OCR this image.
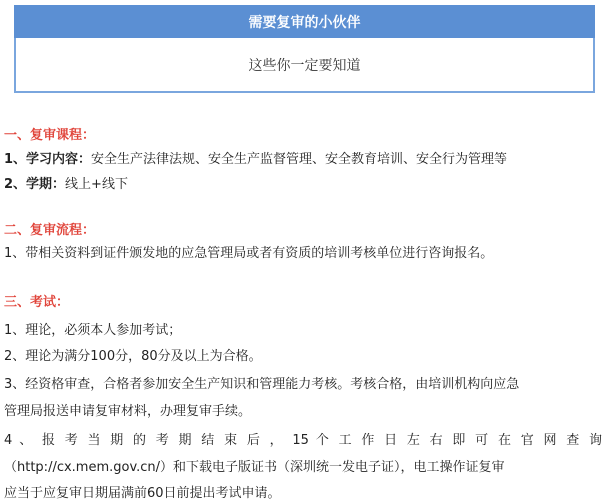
需要复审的小伙伴
这些你一定要知道
一、复审课程：
1、学习内容：安全生产法律法规、安全生产监督管理、安全教育培训、安全行为管理等
2、学期：线上+线下
二、复审流程：
1、带相关资料到证件颁发地的应急管理局或者有资质的培训考核单位进行咨询报名。
三、考试：
1、理论，必须本人参加考试；
2、理论为满分100分，80分及以上为合格。
3、经资格审查，合格者参加安全生产知识和管理能力考核。考核合格，由培训机构向应急
管理局报送申请复审材料，办理复审手续。
4 、 报 考 当 期 的 考 期 结 束 后 ， 15 个 工 作 日 左 右 即 可 在 官 网 查 询
（http://cx.mem.gov.cn/）和下载电子版证书（深圳统一发电子证），电工操作证复审
应当于应复审日期届满前60日前提出考试申请。
